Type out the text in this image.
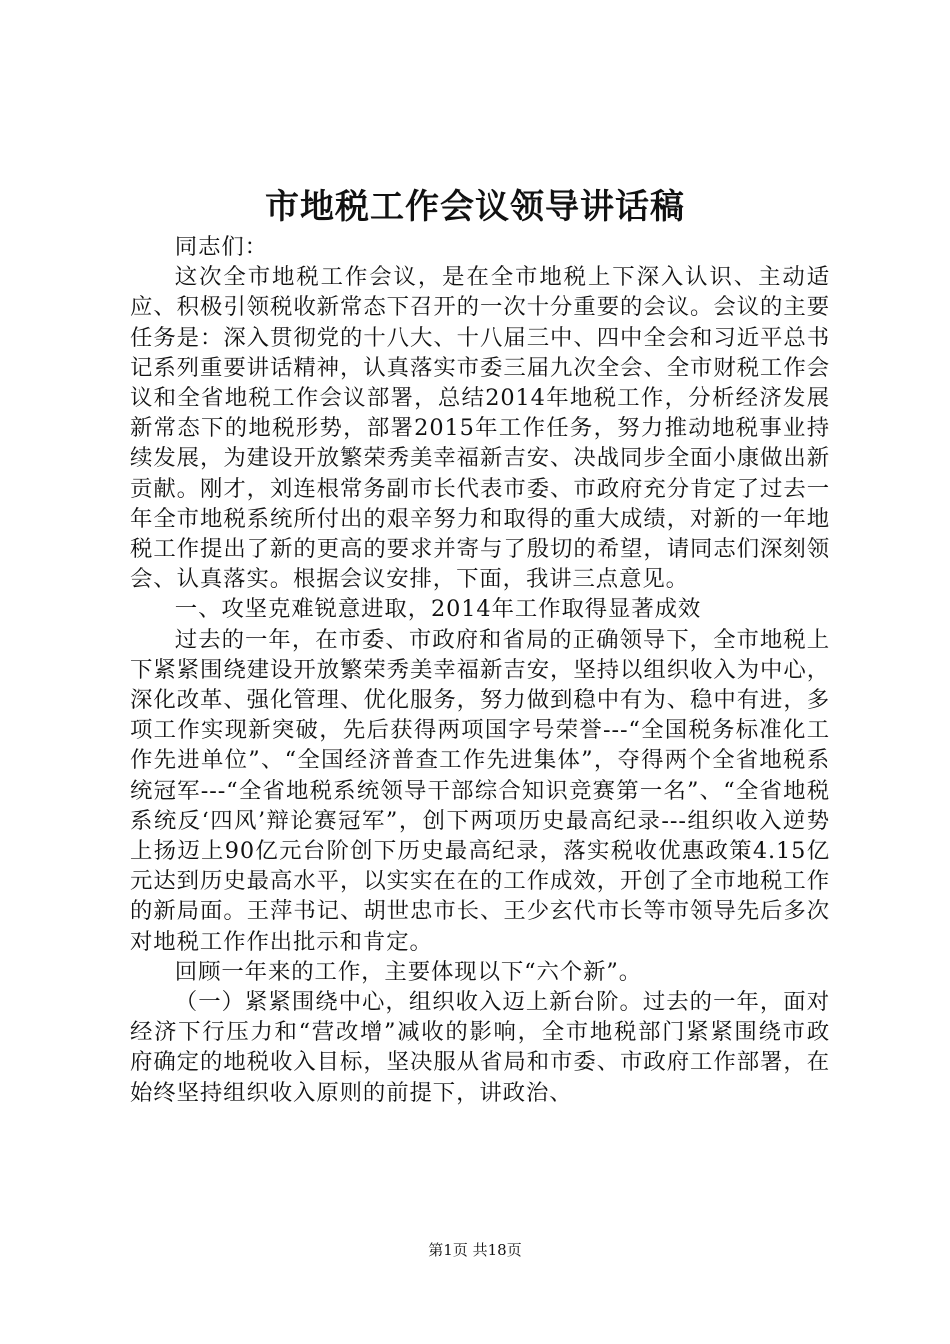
市地税工作会议领导讲话稿

同志们：

这次全市地税工作会议，是在全市地税上下深入认识、主动适应、积极引领税收新常态下召开的一次十分重要的会议。会议的主要任务是：深入贯彻党的十八大、十八届三中、四中全会和习近平总书记系列重要讲话精神，认真落实市委三届九次全会、全市财税工作会议和全省地税工作会议部署，总结2014年地税工作，分析经济发展新常态下的地税形势，部署2015年工作任务，努力推动地税事业持续发展，为建设开放繁荣秀美幸福新吉安、决战同步全面小康做出新贡献。刚才，刘连根常务副市长代表市委、市政府充分肯定了过去一年全市地税系统所付出的艰辛努力和取得的重大成绩，对新的一年地税工作提出了新的更高的要求并寄与了殷切的希望，请同志们深刻领会、认真落实。根据会议安排，下面，我讲三点意见。

一、攻坚克难锐意进取，2014年工作取得显著成效

过去的一年，在市委、市政府和省局的正确领导下，全市地税上下紧紧围绕建设开放繁荣秀美幸福新吉安，坚持以组织收入为中心，深化改革、强化管理、优化服务，努力做到稳中有为、稳中有进，多项工作实现新突破，先后获得两项国字号荣誉---“全国税务标准化工作先进单位”、“全国经济普查工作先进集体”，夺得两个全省地税系统冠军---“全省地税系统领导干部综合知识竞赛第一名”、“全省地税系统反‘四风’辩论赛冠军”，创下两项历史最高纪录---组织收入逆势上扬迈上90亿元台阶创下历史最高纪录，落实税收优惠政策4.15亿元达到历史最高水平，以实实在在的工作成效，开创了全市地税工作的新局面。王萍书记、胡世忠市长、王少玄代市长等市领导先后多次对地税工作作出批示和肯定。

回顾一年来的工作，主要体现以下“六个新”。

（一）紧紧围绕中心，组织收入迈上新台阶。过去的一年，面对经济下行压力和“营改增”减收的影响，全市地税部门紧紧围绕市政府确定的地税收入目标，坚决服从省局和市委、市政府工作部署，在始终坚持组织收入原则的前提下，讲政治、

第1页 共18页
